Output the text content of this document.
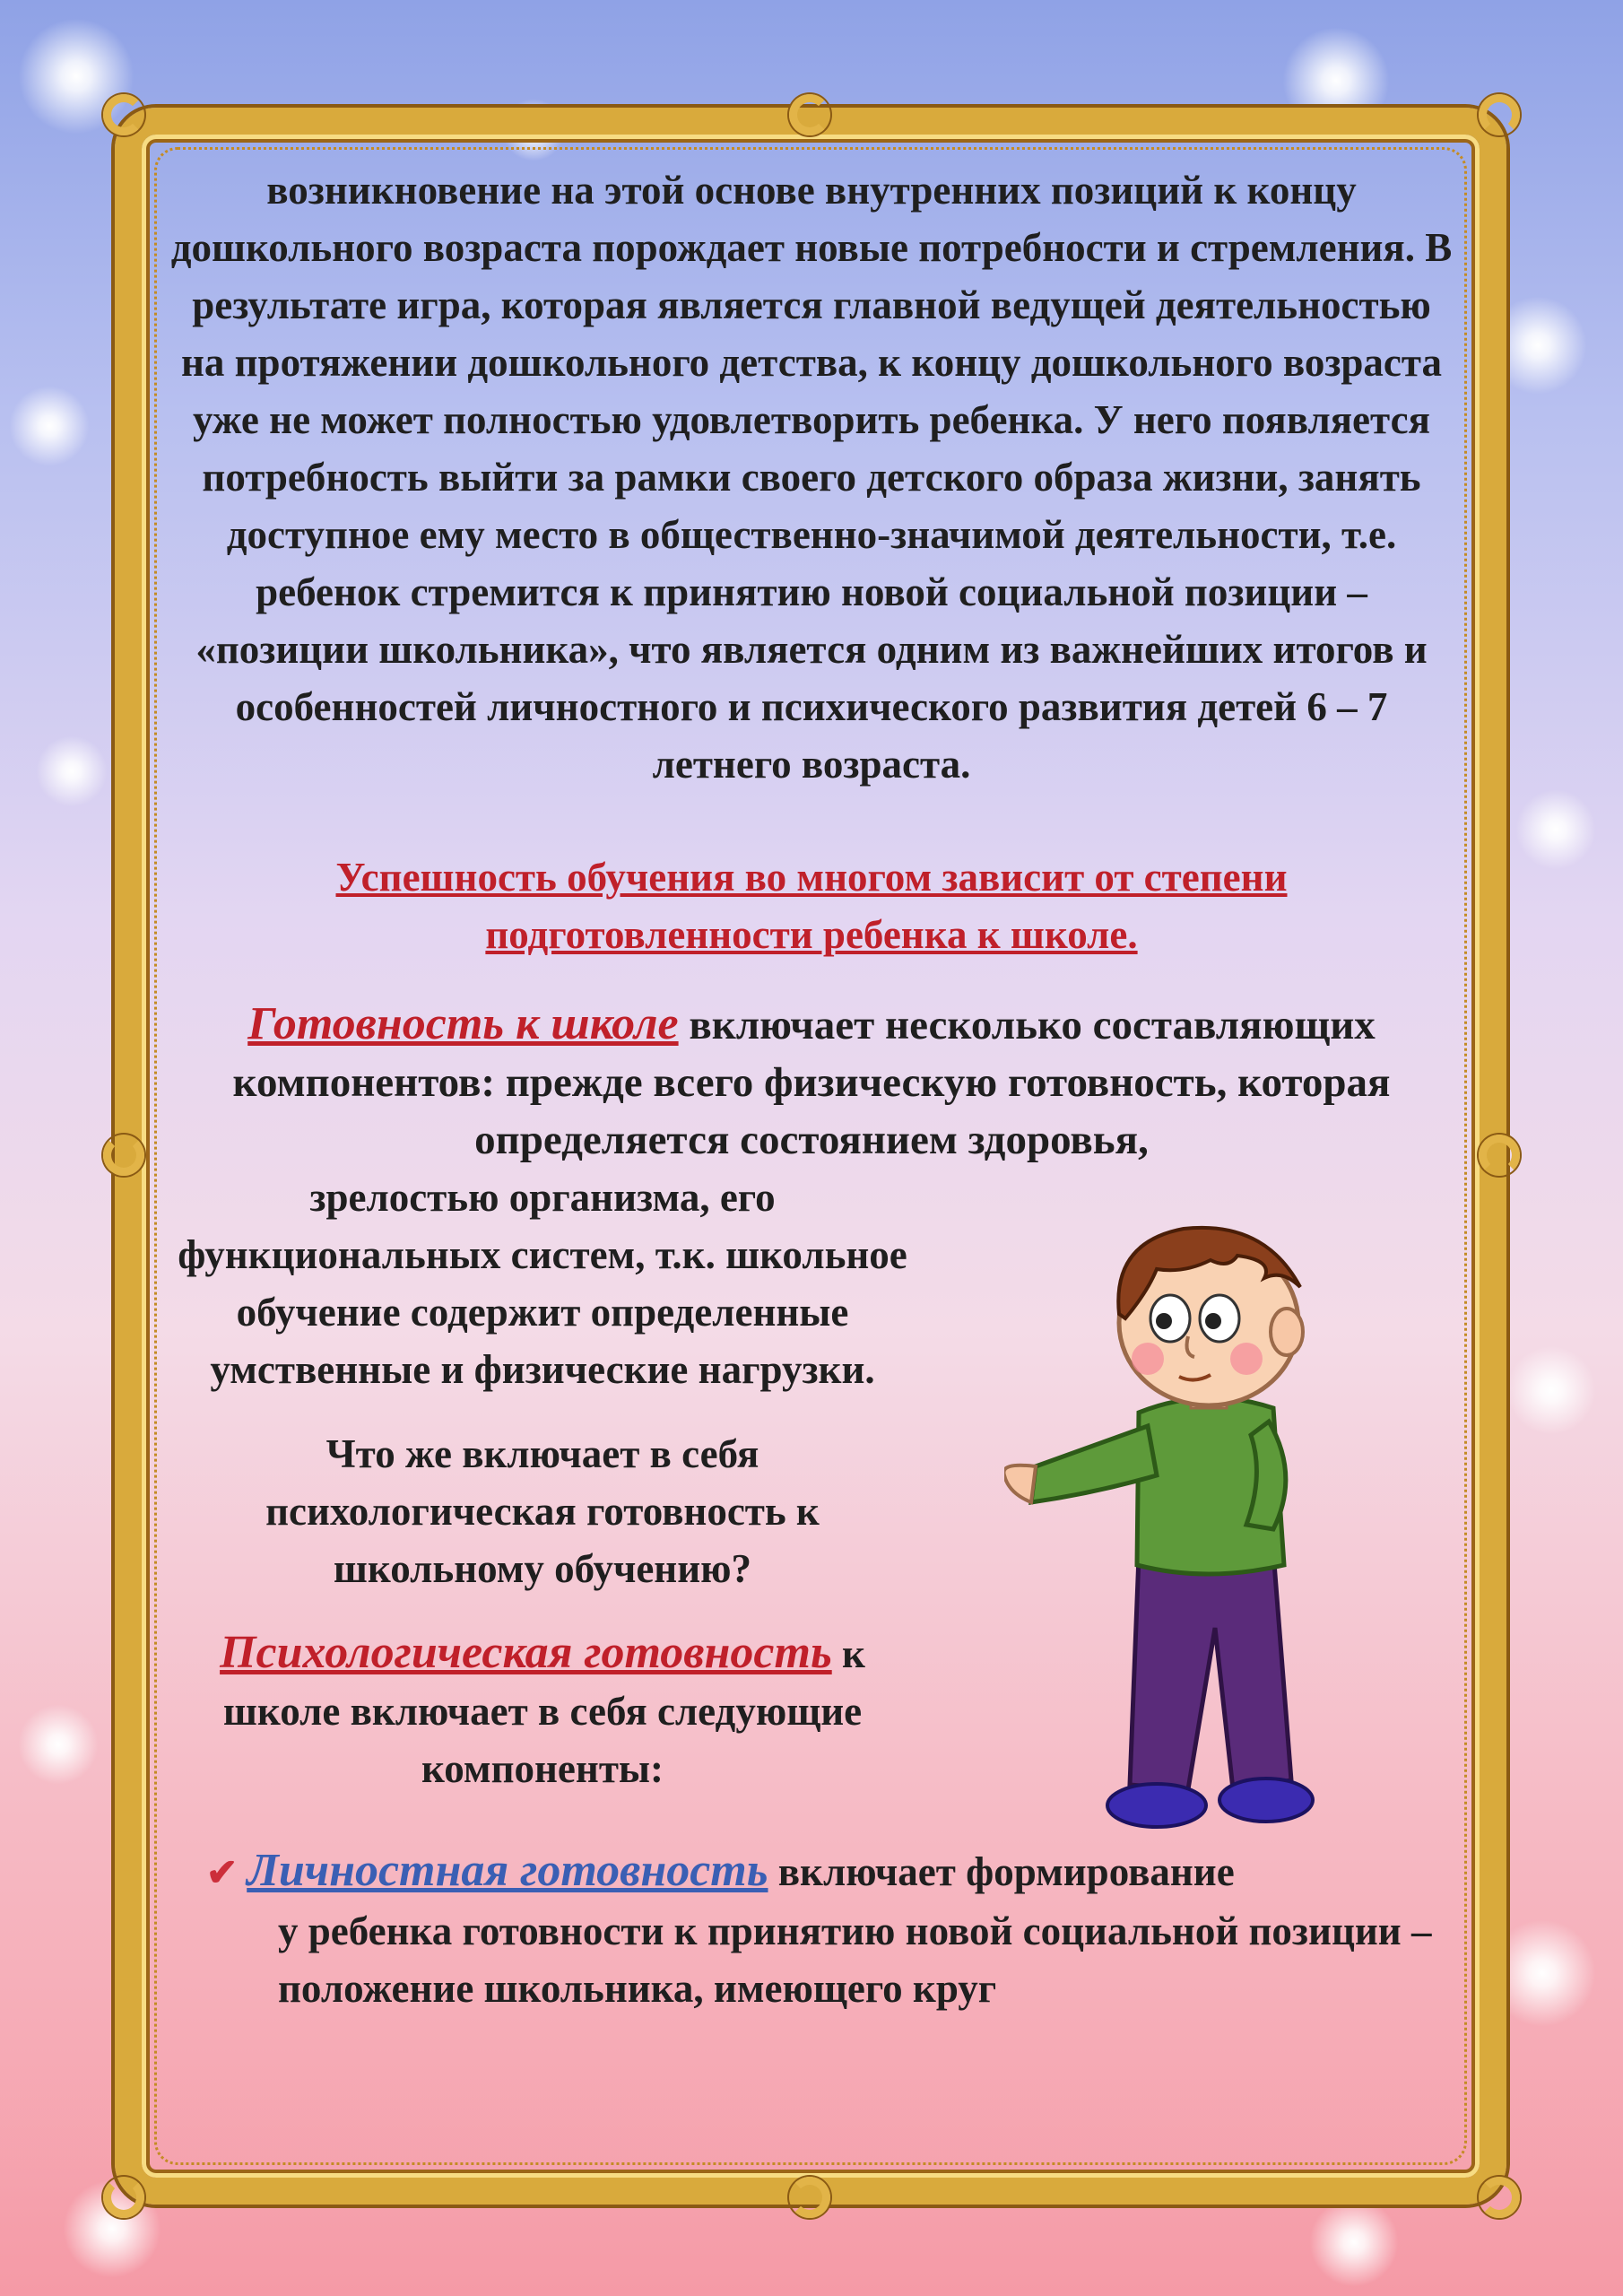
возникновение на этой основе внутренних позиций к концу дошкольного возраста порождает новые потребности и стремления. В результате игра, которая является главной ведущей деятельностью на протяжении дошкольного детства, к концу дошкольного возраста уже не может полностью удовлетворить ребенка. У него появляется потребность выйти за рамки своего детского образа жизни, занять доступное ему место в общественно-значимой деятельности, т.е. ребенок стремится к принятию новой социальной позиции – «позиции школьника», что является одним из важнейших итогов и особенностей личностного и психического развития детей 6 – 7 летнего возраста.

Успешность обучения во многом зависит от степени подготовленности ребенка к школе.

Готовность к школе включает несколько составляющих компонентов: прежде всего физическую готовность, которая определяется состоянием здоровья,

зрелостью организма, его функциональных систем, т.к. школьное обучение содержит определенные умственные и физические нагрузки.

Что же включает в себя психологическая готовность к школьному обучению?

Психологическая готовность к школе включает в себя следующие компоненты:

✔ Личностная готовность включает формирование
у ребенка готовности к принятию новой социальной позиции – положение школьника, имеющего круг
